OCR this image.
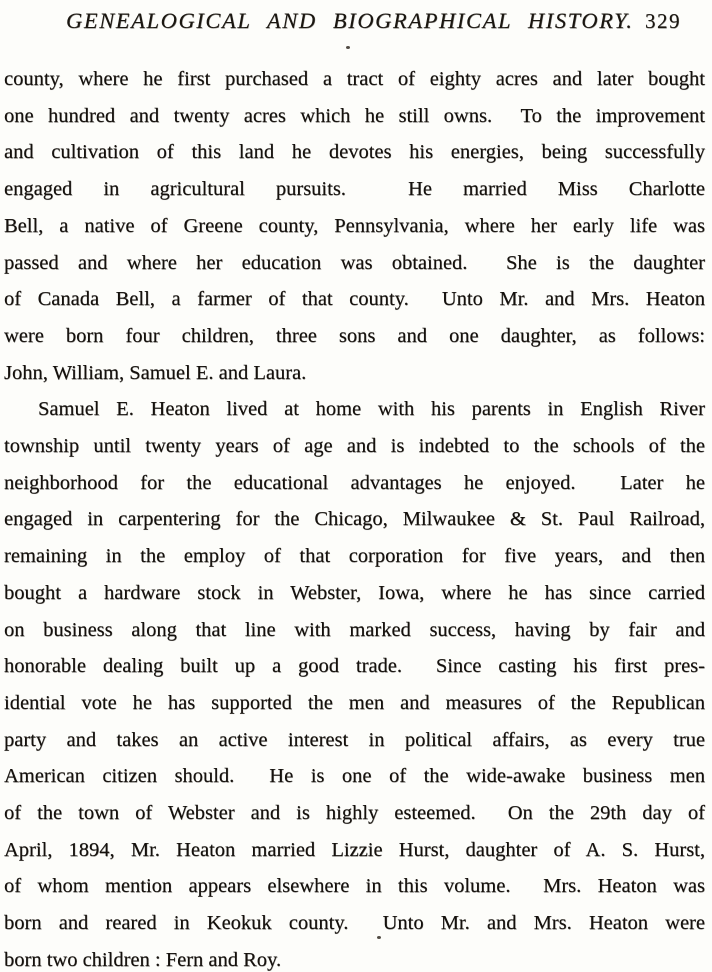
GENEALOGICAL AND BIOGRAPHICAL HISTORY. 329
county, where he first purchased a tract of eighty acres and later bought
one hundred and twenty acres which he still owns.  To the improvement
and cultivation of this land he devotes his energies, being successfully
engaged in agricultural pursuits.  He married Miss Charlotte
Bell, a native of Greene county, Pennsylvania, where her early life was
passed and where her education was obtained.  She is the daughter
of Canada Bell, a farmer of that county.  Unto Mr. and Mrs. Heaton
were born four children, three sons and one daughter, as follows:
John, William, Samuel E. and Laura.
Samuel E. Heaton lived at home with his parents in English River
township until twenty years of age and is indebted to the schools of the
neighborhood for the educational advantages he enjoyed.  Later he
engaged in carpentering for the Chicago, Milwaukee & St. Paul Railroad,
remaining in the employ of that corporation for five years, and then
bought a hardware stock in Webster, Iowa, where he has since carried
on business along that line with marked success, having by fair and
honorable dealing built up a good trade.  Since casting his first pres-
idential vote he has supported the men and measures of the Republican
party and takes an active interest in political affairs, as every true
American citizen should.  He is one of the wide-awake business men
of the town of Webster and is highly esteemed.  On the 29th day of
April, 1894, Mr. Heaton married Lizzie Hurst, daughter of A. S. Hurst,
of whom mention appears elsewhere in this volume.  Mrs. Heaton was
born and reared in Keokuk county.  Unto Mr. and Mrs. Heaton were
born two children : Fern and Roy.
